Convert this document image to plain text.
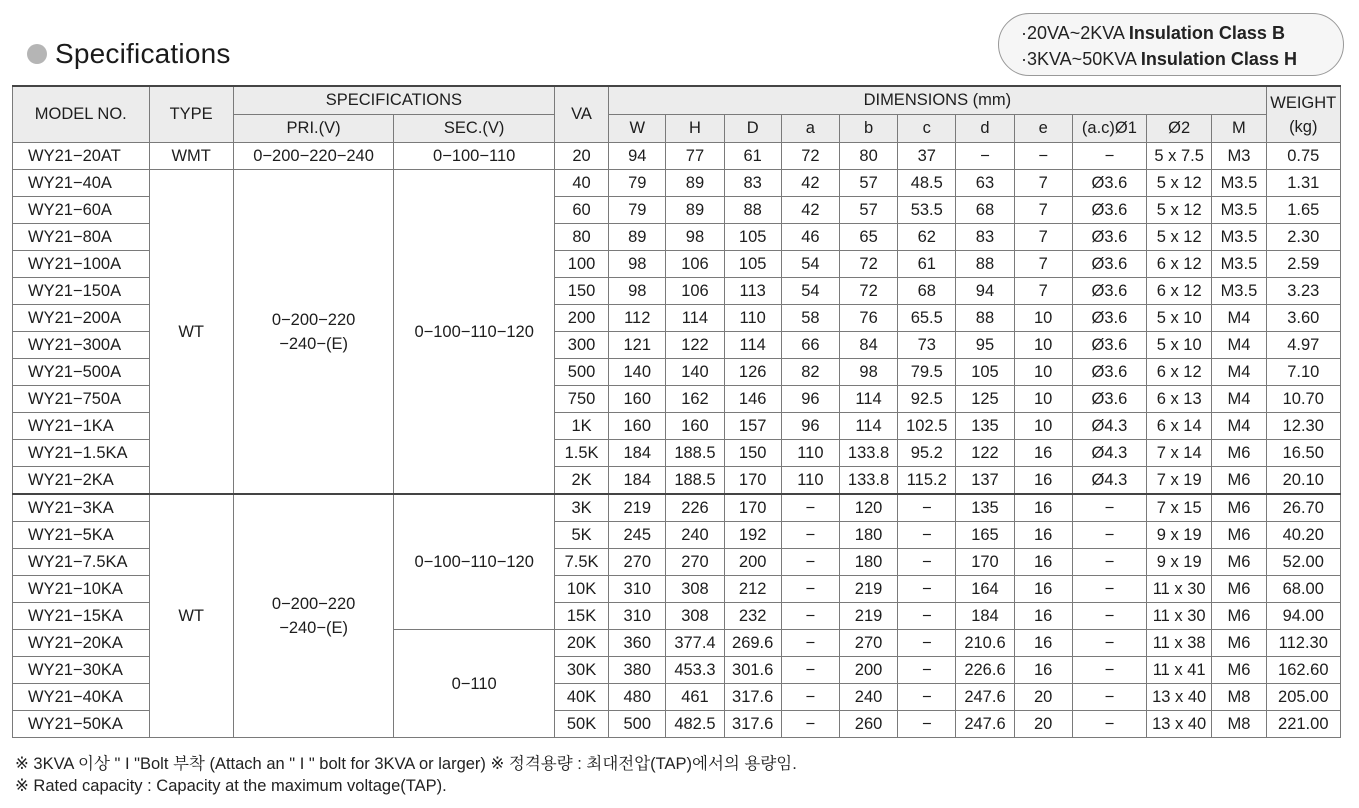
Specifications
·20VA~2KVA Insulation Class B
·3KVA~50KVA Insulation Class H
MODEL NO.	TYPE	SPECIFICATIONS		VA	DIMENSIONS (mm)											WEIGHT (kg)
		PRI.(V)	SEC.(V)		W	H	D	a	b	c	d	e	(a.c)Ø1	Ø2	M	
WY21−20AT	WMT	0−200−220−240	0−100−110	20	94	77	61	72	80	37	−	−	−	5 x 7.5	M3	0.75
WY21−40A	WT	0−200−220 −240−(E)	0−100−110−120	40	79	89	83	42	57	48.5	63	7	Ø3.6	5 x 12	M3.5	1.31
WY21−60A				60	79	89	88	42	57	53.5	68	7	Ø3.6	5 x 12	M3.5	1.65
WY21−80A				80	89	98	105	46	65	62	83	7	Ø3.6	5 x 12	M3.5	2.30
WY21−100A				100	98	106	105	54	72	61	88	7	Ø3.6	6 x 12	M3.5	2.59
WY21−150A				150	98	106	113	54	72	68	94	7	Ø3.6	6 x 12	M3.5	3.23
WY21−200A				200	112	114	110	58	76	65.5	88	10	Ø3.6	5 x 10	M4	3.60
WY21−300A				300	121	122	114	66	84	73	95	10	Ø3.6	5 x 10	M4	4.97
WY21−500A				500	140	140	126	82	98	79.5	105	10	Ø3.6	6 x 12	M4	7.10
WY21−750A				750	160	162	146	96	114	92.5	125	10	Ø3.6	6 x 13	M4	10.70
WY21−1KA				1K	160	160	157	96	114	102.5	135	10	Ø4.3	6 x 14	M4	12.30
WY21−1.5KA				1.5K	184	188.5	150	110	133.8	95.2	122	16	Ø4.3	7 x 14	M6	16.50
WY21−2KA				2K	184	188.5	170	110	133.8	115.2	137	16	Ø4.3	7 x 19	M6	20.10
WY21−3KA	WT	0−200−220 −240−(E)	0−100−110−120	3K	219	226	170	−	120	−	135	16	−	7 x 15	M6	26.70
WY21−5KA				5K	245	240	192	−	180	−	165	16	−	9 x 19	M6	40.20
WY21−7.5KA				7.5K	270	270	200	−	180	−	170	16	−	9 x 19	M6	52.00
WY21−10KA				10K	310	308	212	−	219	−	164	16	−	11 x 30	M6	68.00
WY21−15KA				15K	310	308	232	−	219	−	184	16	−	11 x 30	M6	94.00
WY21−20KA			0−110	20K	360	377.4	269.6	−	270	−	210.6	16	−	11 x 38	M6	112.30
WY21−30KA				30K	380	453.3	301.6	−	200	−	226.6	16	−	11 x 41	M6	162.60
WY21−40KA				40K	480	461	317.6	−	240	−	247.6	20	−	13 x 40	M8	205.00
WY21−50KA				50K	500	482.5	317.6	−	260	−	247.6	20	−	13 x 40	M8	221.00
※ 3KVA 이상 " I "Bolt 부착 (Attach an " I " bolt for 3KVA or larger) ※ 정격용량 : 최대전압(TAP)에서의 용량임.
※ Rated capacity : Capacity at the maximum voltage(TAP).
